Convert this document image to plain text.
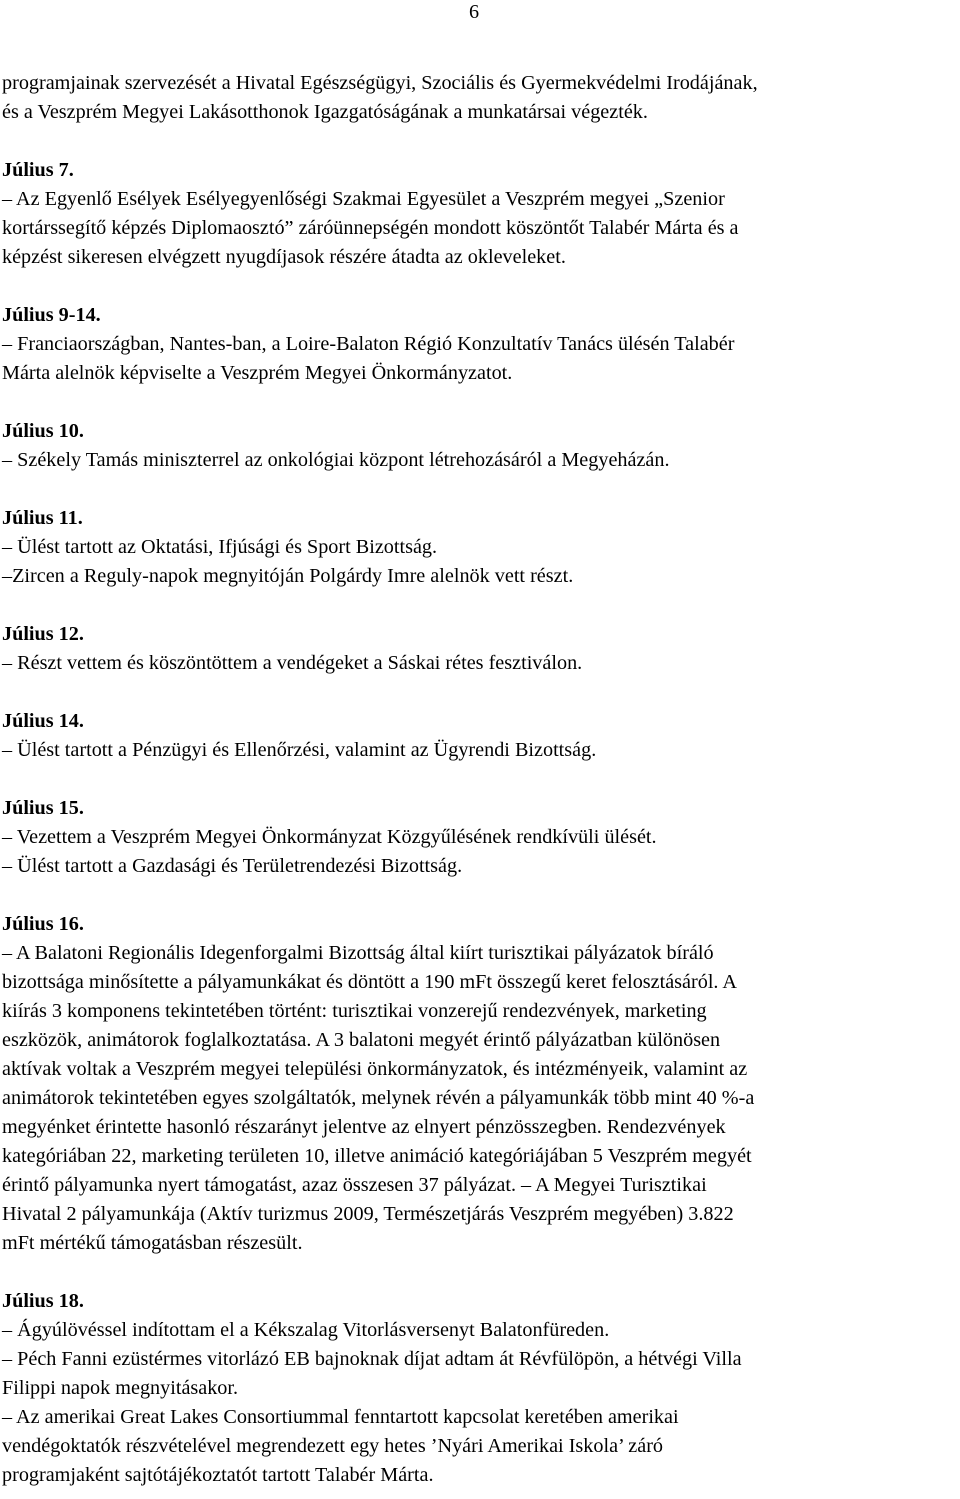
6
programjainak szervezését a Hivatal Egészségügyi, Szociális és Gyermekvédelmi Irodájának,
és a Veszprém Megyei Lakásotthonok Igazgatóságának a munkatársai végezték.
Július 7.
– Az Egyenlő Esélyek Esélyegyenlőségi Szakmai Egyesület a Veszprém megyei „Szenior
kortárssegítő képzés Diplomaosztó” záróünnepségén mondott köszöntőt Talabér Márta és a
képzést sikeresen elvégzett nyugdíjasok részére átadta az okleveleket.
Július 9-14.
– Franciaországban, Nantes-ban, a Loire-Balaton Régió Konzultatív Tanács ülésén Talabér
Márta alelnök képviselte a Veszprém Megyei Önkormányzatot.
Július 10.
– Székely Tamás miniszterrel az onkológiai központ létrehozásáról a Megyeházán.
Július 11.
– Ülést tartott az Oktatási, Ifjúsági és Sport Bizottság.
–Zircen a Reguly-napok megnyitóján Polgárdy Imre alelnök vett részt.
Július 12.
– Részt vettem és köszöntöttem a vendégeket a Sáskai rétes fesztiválon.
Július 14.
– Ülést tartott a Pénzügyi és Ellenőrzési, valamint az Ügyrendi Bizottság.
Július 15.
– Vezettem a Veszprém Megyei Önkormányzat Közgyűlésének rendkívüli ülését.
– Ülést tartott a Gazdasági és Területrendezési Bizottság.
Július 16.
– A Balatoni Regionális Idegenforgalmi Bizottság által kiírt turisztikai pályázatok bíráló
bizottsága minősítette a pályamunkákat és döntött a 190 mFt összegű keret felosztásáról. A
kiírás 3 komponens tekintetében történt: turisztikai vonzerejű rendezvények, marketing
eszközök, animátorok foglalkoztatása. A 3 balatoni megyét érintő pályázatban különösen
aktívak voltak a Veszprém megyei települési önkormányzatok, és intézményeik, valamint az
animátorok tekintetében egyes szolgáltatók, melynek révén a pályamunkák több mint 40 %-a
megyénket érintette hasonló részarányt jelentve az elnyert pénzösszegben. Rendezvények
kategóriában 22, marketing területen 10, illetve animáció kategóriájában 5 Veszprém megyét
érintő pályamunka nyert támogatást, azaz összesen 37 pályázat. – A Megyei Turisztikai
Hivatal 2 pályamunkája (Aktív turizmus 2009, Természetjárás Veszprém megyében) 3.822
mFt mértékű támogatásban részesült.
Július 18.
– Ágyúlövéssel indítottam el a Kékszalag Vitorlásversenyt Balatonfüreden.
– Péch Fanni ezüstérmes vitorlázó EB bajnoknak díjat adtam át Révfülöpön, a hétvégi Villa
Filippi napok megnyitásakor.
– Az amerikai Great Lakes Consortiummal fenntartott kapcsolat keretében amerikai
vendégoktatók részvételével megrendezett egy hetes ’Nyári Amerikai Iskola’ záró
programjaként sajtótájékoztatót tartott Talabér Márta.
